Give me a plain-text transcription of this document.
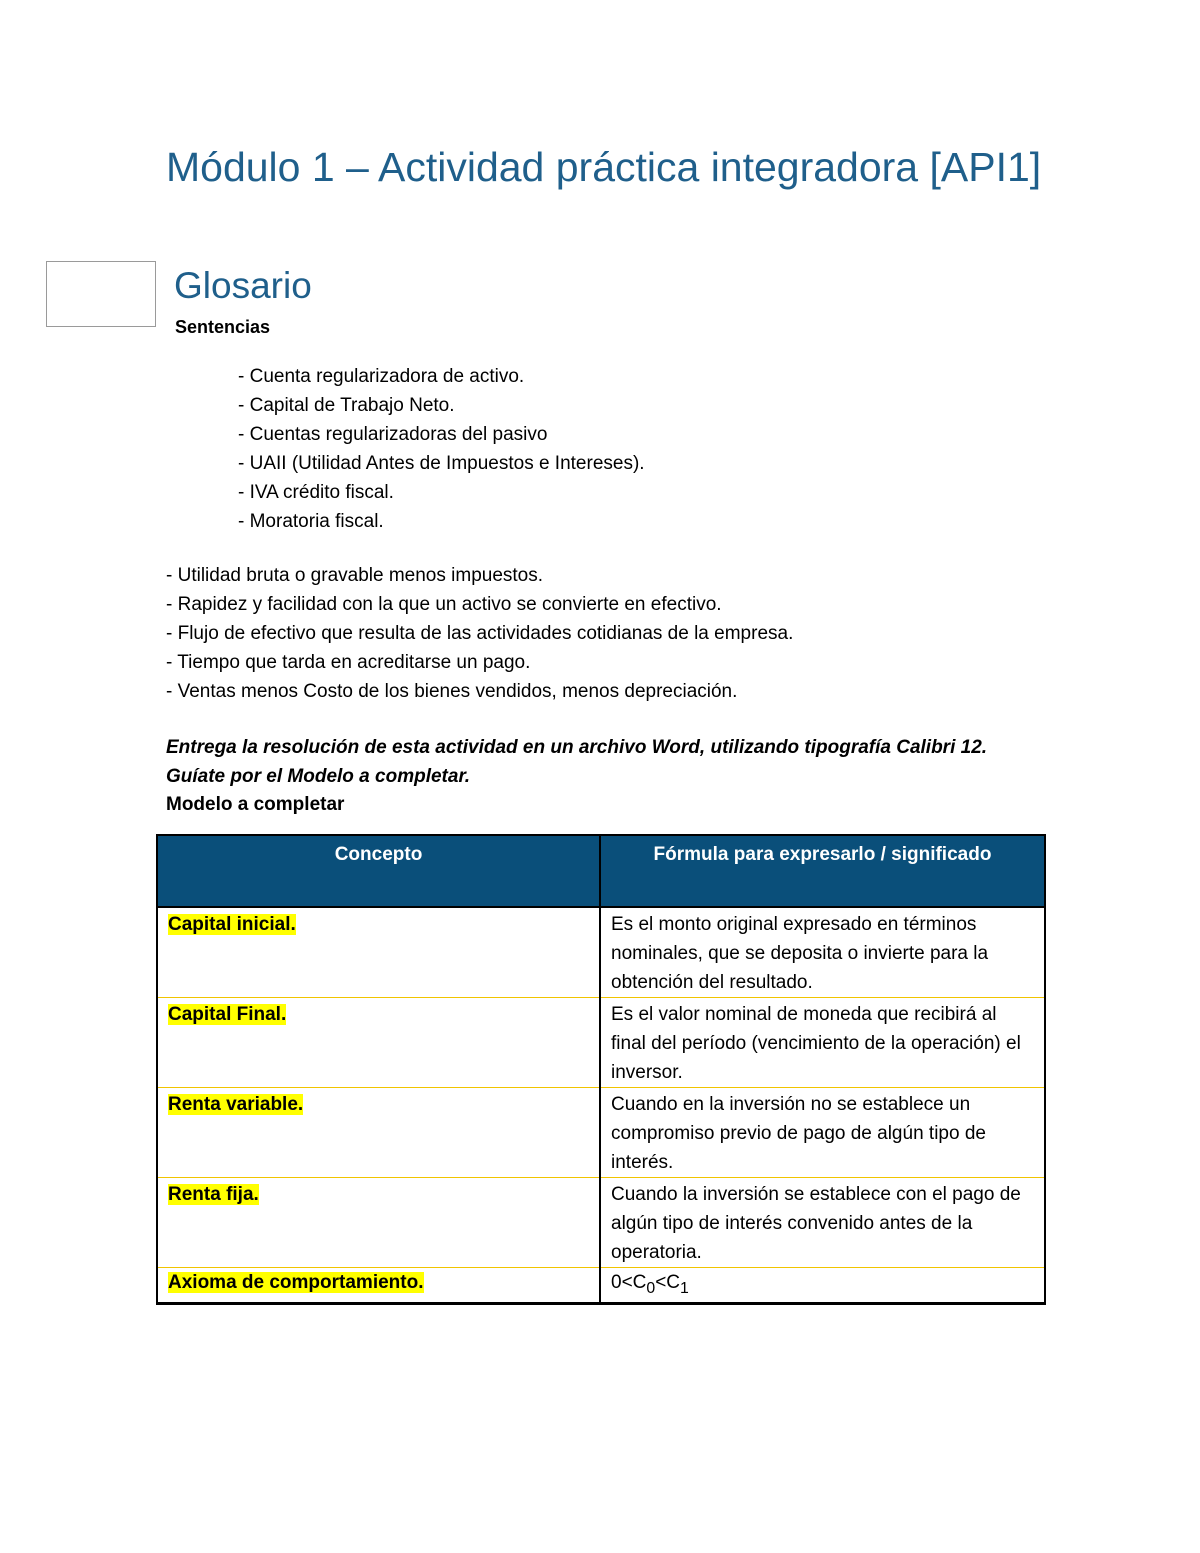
Módulo 1 – Actividad práctica integradora [API1]
Glosario
Sentencias
- Cuenta regularizadora de activo.
- Capital de Trabajo Neto.
- Cuentas regularizadoras del pasivo
- UAII (Utilidad Antes de Impuestos e Intereses).
- IVA crédito fiscal.
- Moratoria fiscal.
- Utilidad bruta o gravable menos impuestos.
- Rapidez y facilidad con la que un activo se convierte en efectivo.
- Flujo de efectivo que resulta de las actividades cotidianas de la empresa.
- Tiempo que tarda en acreditarse un pago.
- Ventas menos Costo de los bienes vendidos, menos depreciación.
Entrega la resolución de esta actividad en un archivo Word, utilizando tipografía Calibri 12. Guíate por el Modelo a completar.
Modelo a completar
Concepto	Fórmula para expresarlo / significado
Capital inicial.	Es el monto original expresado en términos nominales, que se deposita o invierte para la obtención del resultado.
Capital Final.	Es el valor nominal de moneda que recibirá al final del período (vencimiento de la operación) el inversor.
Renta variable.	Cuando en la inversión no se establece un compromiso previo de pago de algún tipo de interés.
Renta fija.	Cuando la inversión se establece con el pago de algún tipo de interés convenido antes de la operatoria.
Axioma de comportamiento.	$0<C_0<C_1$
